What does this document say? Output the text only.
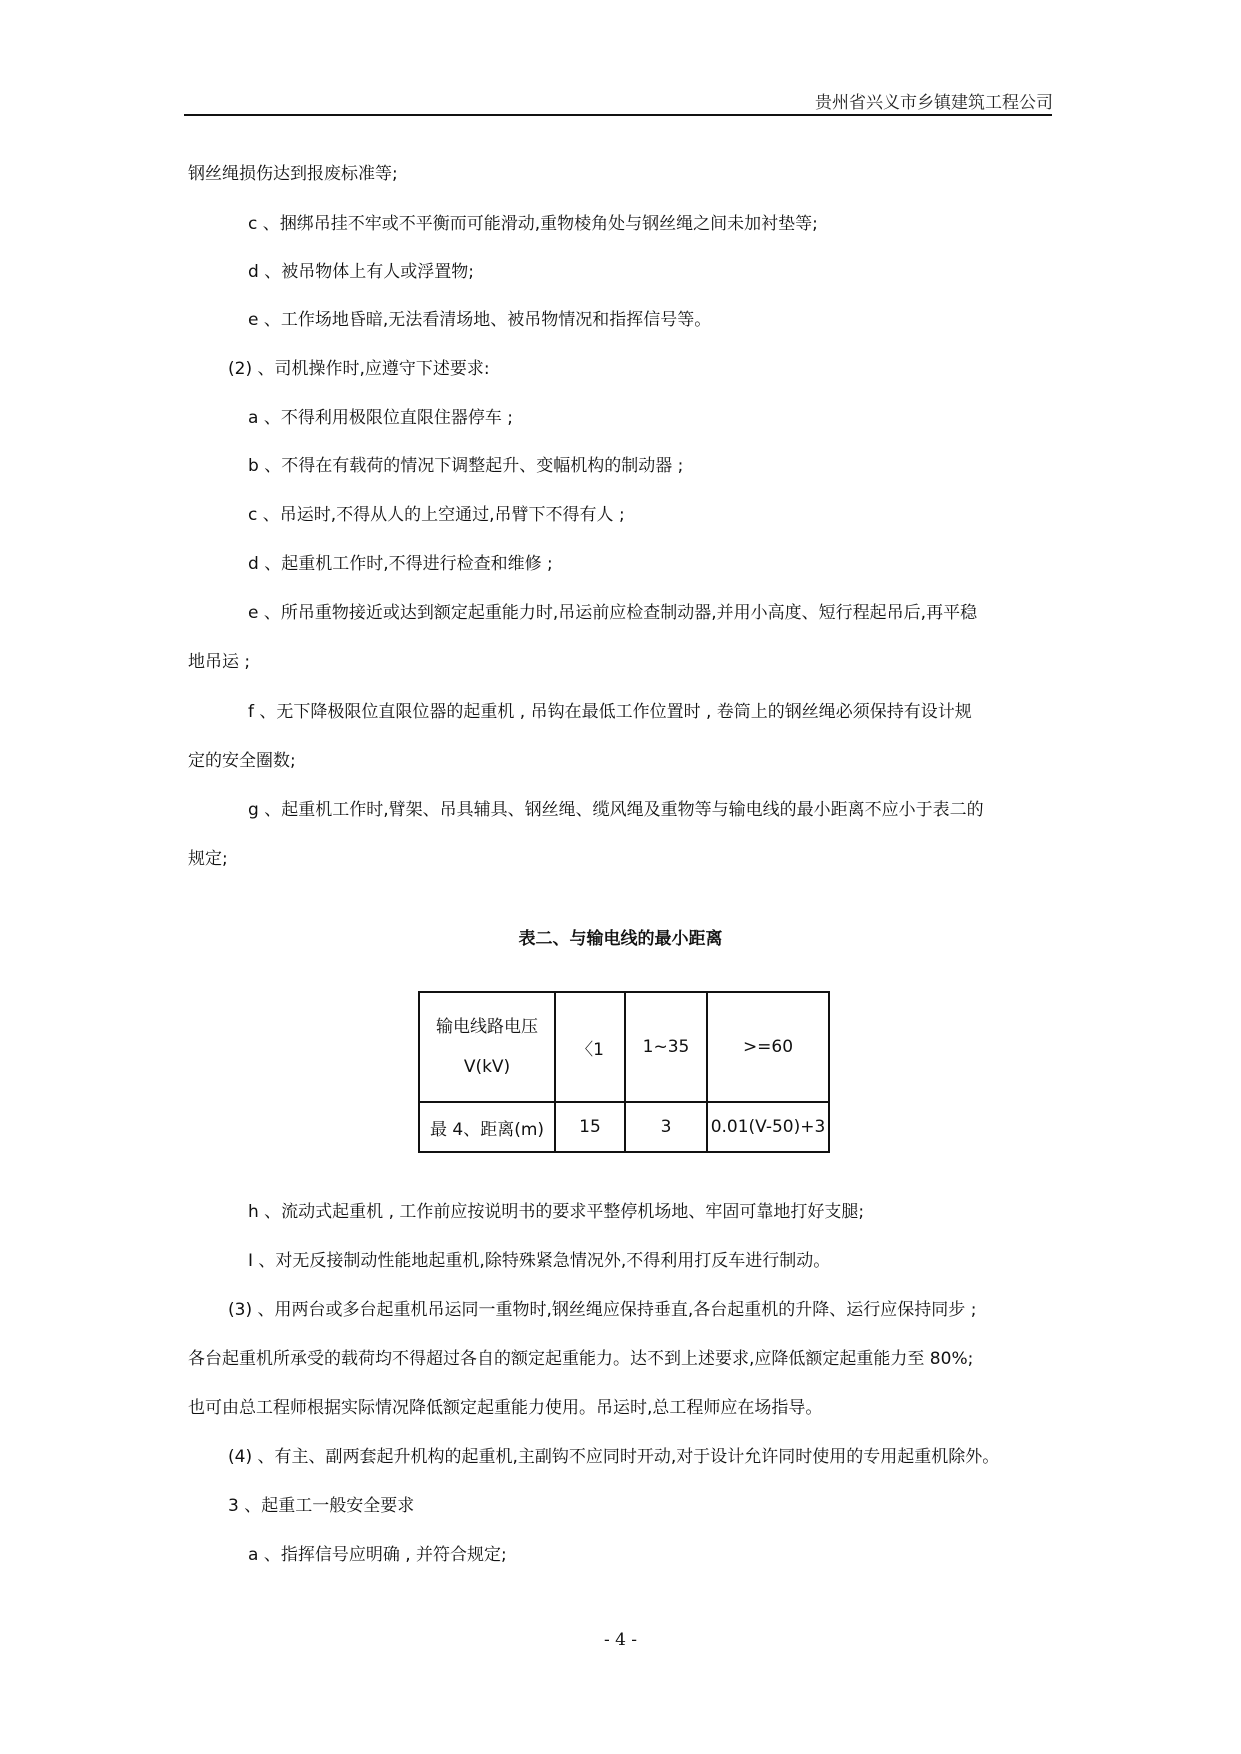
贵州省兴义市乡镇建筑工程公司
钢丝绳损伤达到报废标准等;
c 、捆绑吊挂不牢或不平衡而可能滑动,重物棱角处与钢丝绳之间未加衬垫等;
d 、被吊物体上有人或浮置物;
e 、工作场地昏暗,无法看清场地、被吊物情况和指挥信号等。
(2) 、司机操作时,应遵守下述要求:
a 、不得利用极限位直限住器停车 ;
b 、不得在有载荷的情况下调整起升、变幅机构的制动器 ;
c 、吊运时,不得从人的上空通过,吊臂下不得有人 ;
d 、起重机工作时,不得进行检查和维修 ;
e 、所吊重物接近或达到额定起重能力时,吊运前应检查制动器,并用小高度、短行程起吊后,再平稳
地吊运 ;
f 、无下降极限位直限位器的起重机 , 吊钩在最低工作位置时 , 卷筒上的钢丝绳必须保持有设计规
定的安全圈数;
g 、起重机工作时,臂架、吊具辅具、钢丝绳、缆风绳及重物等与输电线的最小距离不应小于表二的
规定;
表二、与输电线的最小距离
输电线路电压
V(kV)	〈1	1~35	>=60
最 4、距离(m)	15	3	0.01(V-50)+3
h 、流动式起重机 , 工作前应按说明书的要求平整停机场地、牢固可靠地打好支腿;
I 、对无反接制动性能地起重机,除特殊紧急情况外,不得利用打反车进行制动。
(3) 、用两台或多台起重机吊运同一重物时,钢丝绳应保持垂直,各台起重机的升降、运行应保持同步 ;
各台起重机所承受的载荷均不得超过各自的额定起重能力。达不到上述要求,应降低额定起重能力至 80%;
也可由总工程师根据实际情况降低额定起重能力使用。吊运时,总工程师应在场指导。
(4) 、有主、副两套起升机构的起重机,主副钩不应同时开动,对于设计允许同时使用的专用起重机除外。
3 、起重工一般安全要求
a 、指挥信号应明确 , 并符合规定;
- 4 -
